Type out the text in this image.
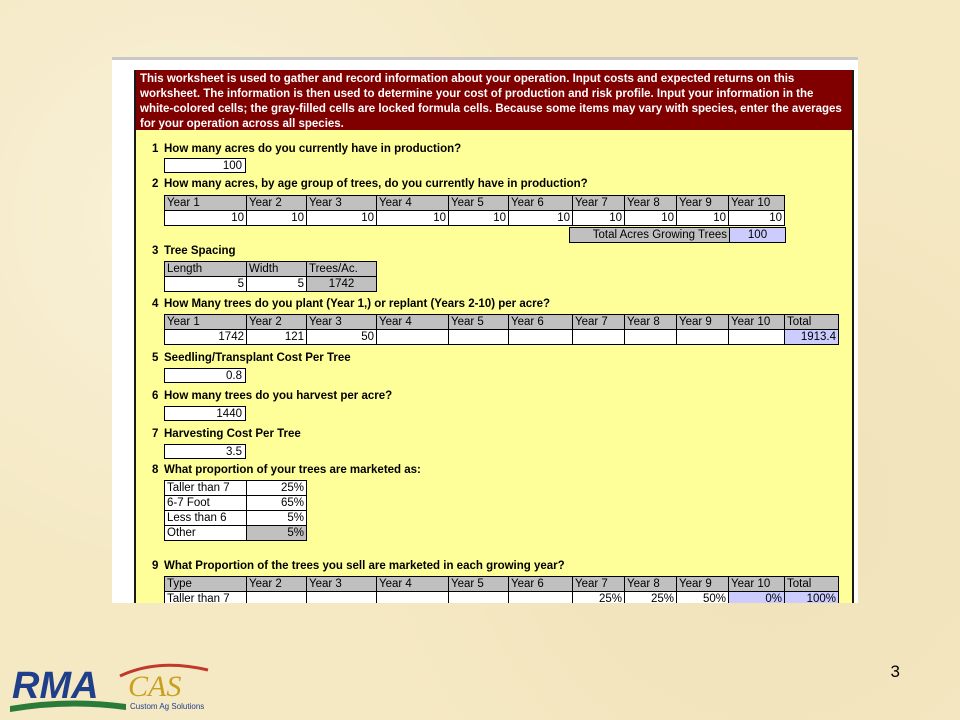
This worksheet is used to gather and record information about your operation. Input costs and expected returns on this worksheet. The information is then used to determine your cost of production and risk profile. Input your information in the white-colored cells; the gray-filled cells are locked formula cells. Because some items may vary with species, enter the averages for your operation across all species.
1 How many acres do you currently have in production?
100
2 How many acres, by age group of trees, do you currently have in production?
Year 1	Year 2	Year 3	Year 4	Year 5	Year 6	Year 7	Year 8	Year 9	Year 10
10	10	10	10	10	10	10	10	10	10
Total Acres Growing Trees	100
3 Tree Spacing
Length	Width	Trees/Ac.
5	5	1742
4 How Many trees do you plant (Year 1,) or replant (Years 2-10) per acre?
Year 1	Year 2	Year 3	Year 4	Year 5	Year 6	Year 7	Year 8	Year 9	Year 10	Total
1742	121	50								1913.4
5 Seedling/Transplant Cost Per Tree
0.8
6 How many trees do you harvest per acre?
1440
7 Harvesting Cost Per Tree
3.5
8 What proportion of your trees are marketed as:
Taller than 7	25%
6-7 Foot	65%
Less than 6	5%
Other	5%
9 What Proportion of the trees you sell are marketed in each growing year?
Type	Year 2	Year 3	Year 4	Year 5	Year 6	Year 7	Year 8	Year 9	Year 10	Total
Taller than 7						25%	25%	50%	0%	100%
3
RMA CAS
Custom Ag Solutions
